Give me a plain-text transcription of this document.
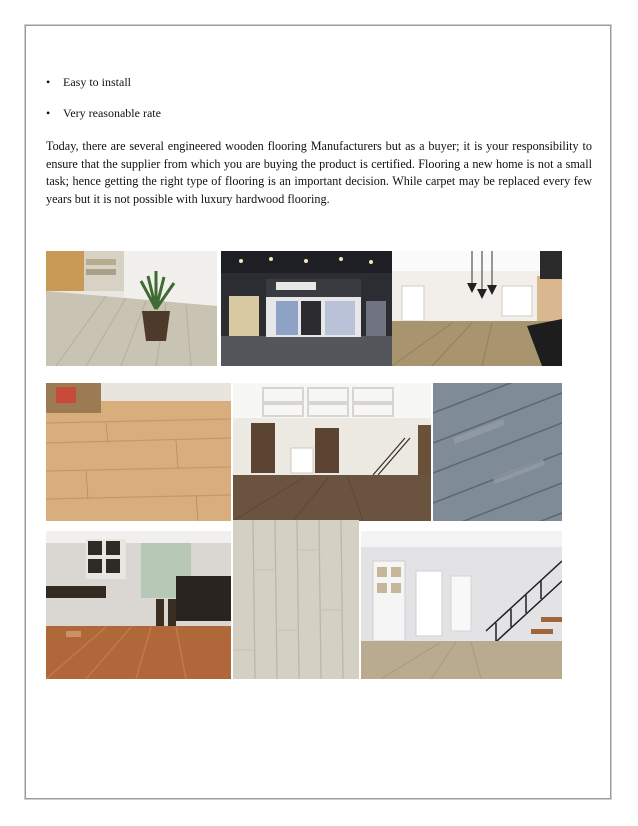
• Easy to install
• Very reasonable rate

Today, there are several engineered wooden flooring Manufacturers but as a buyer; it is your responsibility to ensure that the supplier from which you are buying the product is certified. Flooring a new home is not a small task; hence getting the right type of flooring is an important decision. While carpet may be replaced every few years but it is not possible with luxury hardwood flooring.
